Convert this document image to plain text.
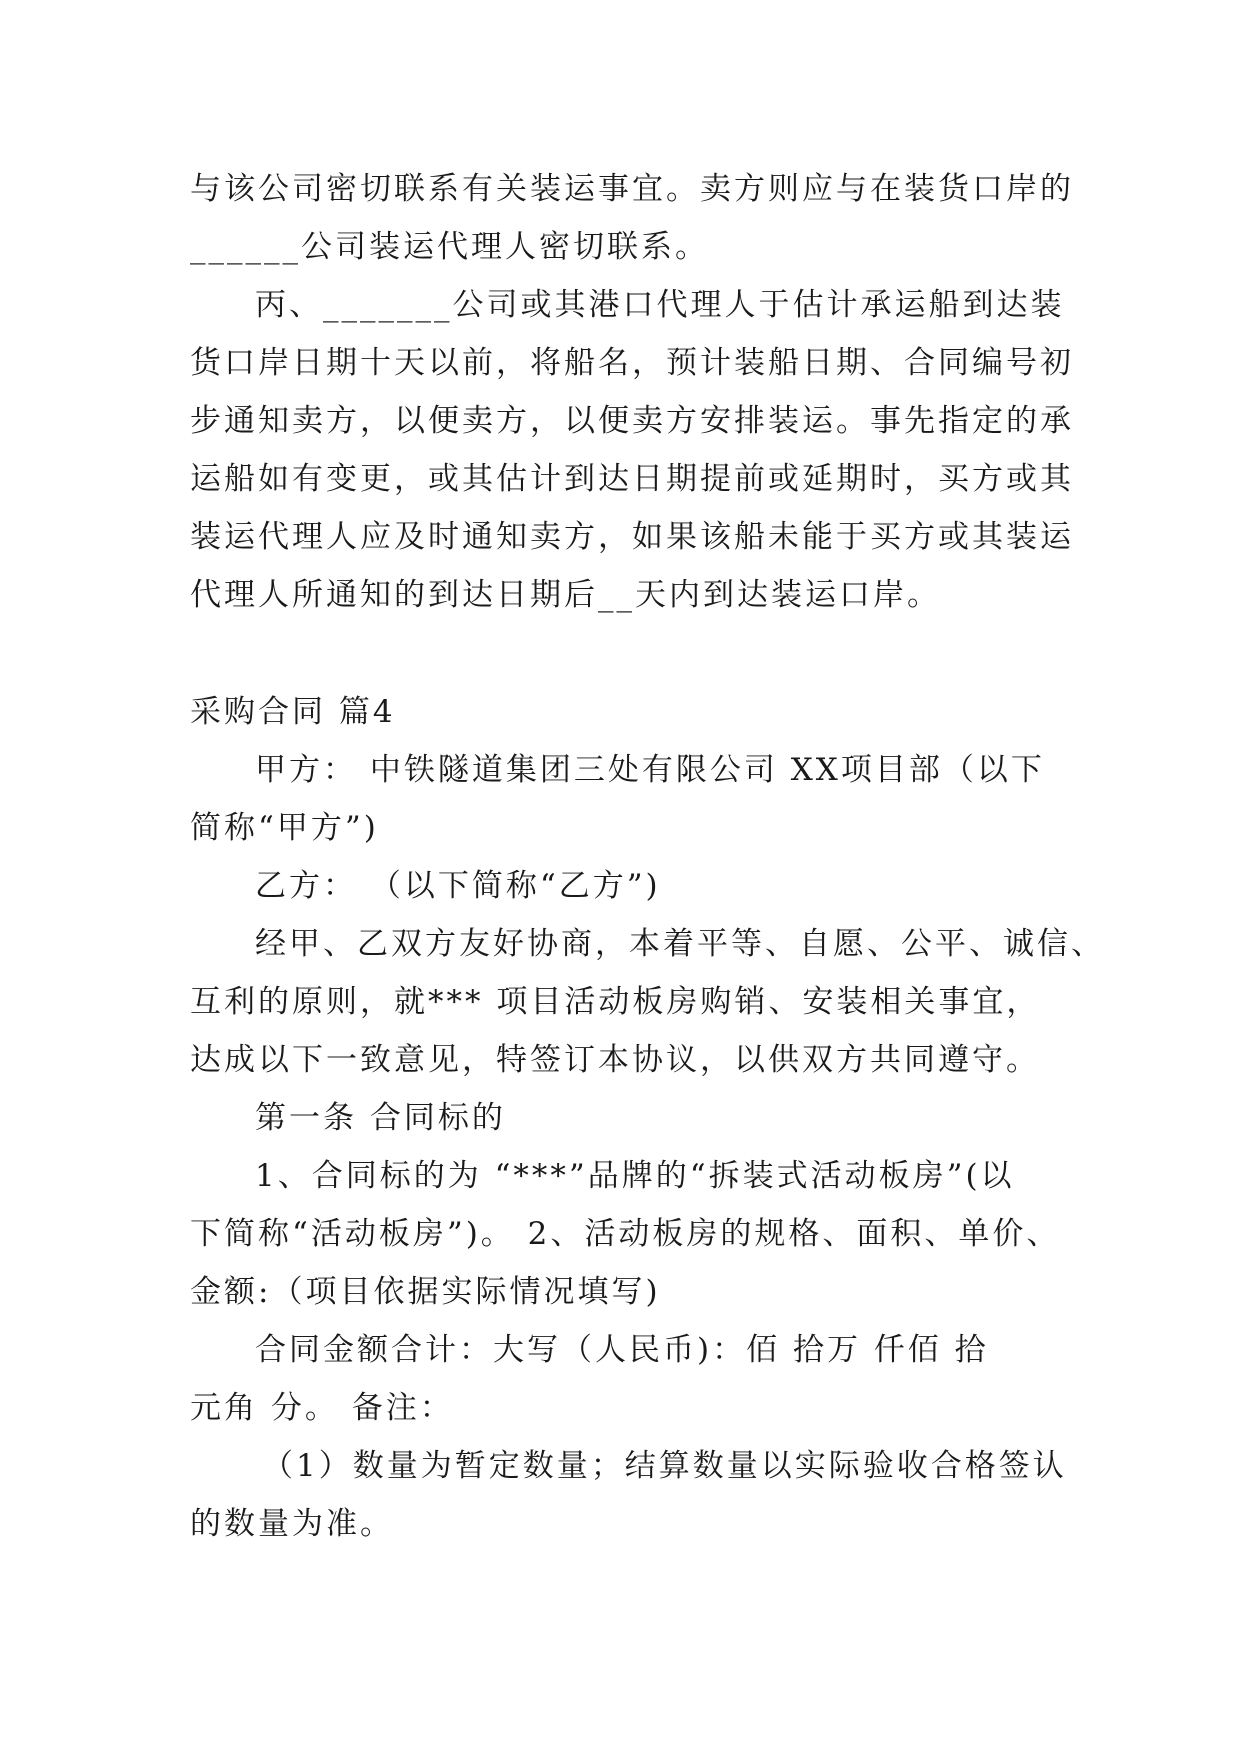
与该公司密切联系有关装运事宜。卖方则应与在装货口岸的
______公司装运代理人密切联系。
丙、_______公司或其港口代理人于估计承运船到达装
货口岸日期十天以前，将船名，预计装船日期、合同编号初
步通知卖方，以便卖方，以便卖方安排装运。事先指定的承
运船如有变更，或其估计到达日期提前或延期时，买方或其
装运代理人应及时通知卖方，如果该船未能于买方或其装运
代理人所通知的到达日期后__天内到达装运口岸。
采购合同 篇4
甲方： 中铁隧道集团三处有限公司 XX项目部（以下
简称“甲方”)
乙方： （以下简称“乙方”)
经甲、乙双方友好协商，本着平等、自愿、公平、诚信、
互利的原则，就*** 项目活动板房购销、安装相关事宜，
达成以下一致意见，特签订本协议，以供双方共同遵守。
第一条 合同标的
1、合同标的为 “***”品牌的“拆装式活动板房”(以
下简称“活动板房”)。 2、活动板房的规格、面积、单价、
金额:（项目依据实际情况填写)
合同金额合计：大写（人民币)：佰 拾万 仟佰 拾
元角 分。 备注：
（1）数量为暂定数量；结算数量以实际验收合格签认
的数量为准。
